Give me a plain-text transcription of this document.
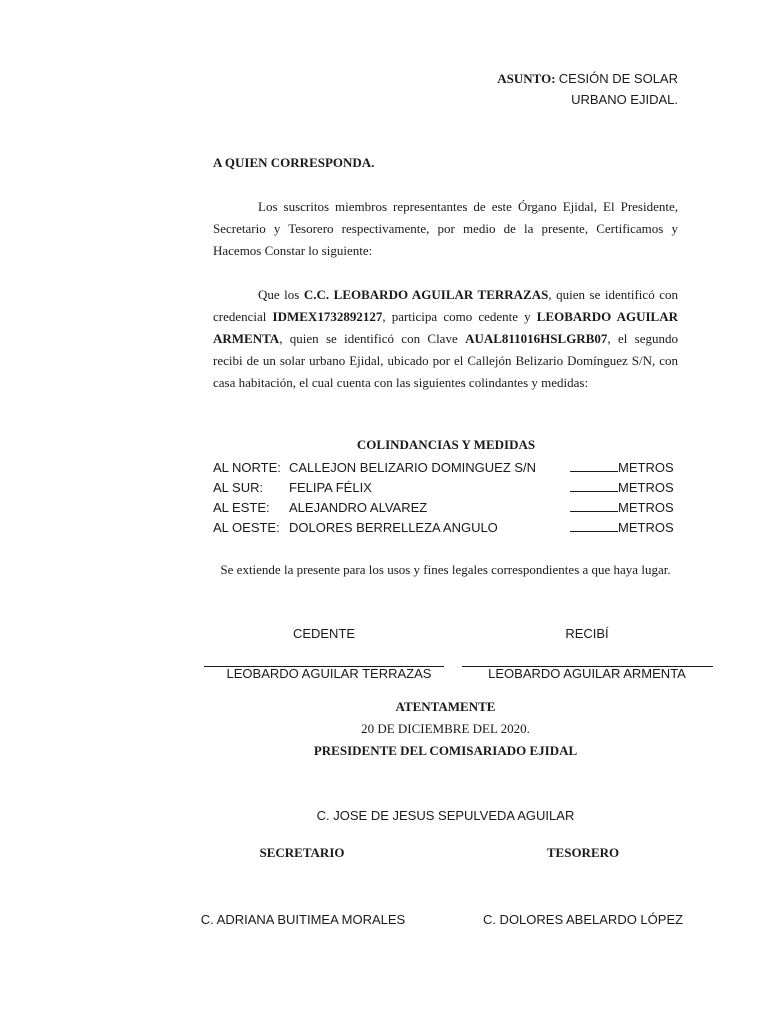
ASUNTO: CESIÓN DE SOLAR
URBANO EJIDAL.
A QUIEN CORRESPONDA.

Los suscritos miembros representantes de este Órgano Ejidal, El Presidente, Secretario y Tesorero respectivamente, por medio de la presente, Certificamos y Hacemos Constar lo siguiente:

Que los C.C. LEOBARDO AGUILAR TERRAZAS, quien se identificó con credencial IDMEX1732892127, participa como cedente y LEOBARDO AGUILAR ARMENTA, quien se identificó con Clave AUAL811016HSLGRB07, el segundo recibi de un solar urbano Ejidal, ubicado por el Callejón Belizario Domínguez S/N, con casa habitación, el cual cuenta con las siguientes colindantes y medidas:

COLINDANCIAS Y MEDIDAS
AL NORTE: CALLEJON BELIZARIO DOMINGUEZ S/N	METROS
AL SUR: FELIPA FÉLIX	METROS
AL ESTE: ALEJANDRO ALVAREZ	METROS
AL OESTE: DOLORES BERRELLEZA ANGULO	METROS
Se extiende la presente para los usos y fines legales correspondientes a que haya lugar.
CEDENTE	RECIBÍ
LEOBARDO AGUILAR TERRAZAS	LEOBARDO AGUILAR ARMENTA
ATENTAMENTE
20 DE DICIEMBRE DEL 2020.
PRESIDENTE DEL COMISARIADO EJIDAL
C. JOSE DE JESUS SEPULVEDA AGUILAR
SECRETARIO	TESORERO
C. ADRIANA BUITIMEA MORALES	C. DOLORES ABELARDO LÓPEZ
